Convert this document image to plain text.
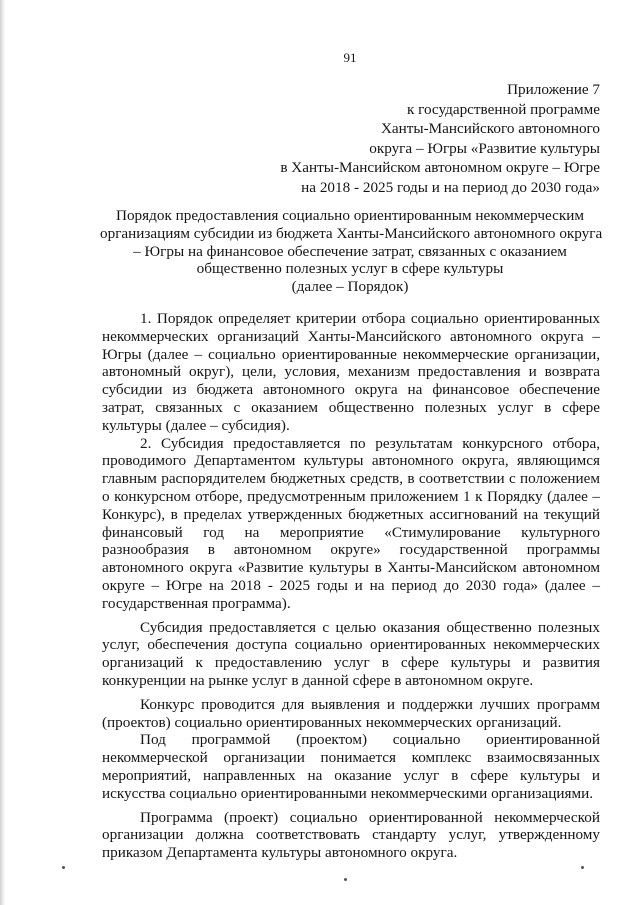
91
Приложение 7
к государственной программе
Ханты-Мансийского автономного
округа – Югры «Развитие культуры
в Ханты-Мансийском автономном округе – Югре
на 2018 - 2025 годы и на период до 2030 года»
Порядок предоставления социально ориентированным некоммерческим
организациям субсидии из бюджета Ханты-Мансийского автономного округа
– Югры на финансовое обеспечение затрат, связанных с оказанием
общественно полезных услуг в сфере культуры
(далее – Порядок)

1. Порядок определяет критерии отбора социально ориентированных некоммерческих организаций Ханты-Мансийского автономного округа – Югры (далее – социально ориентированные некоммерческие организации, автономный округ), цели, условия, механизм предоставления и возврата субсидии из бюджета автономного округа на финансовое обеспечение затрат, связанных с оказанием общественно полезных услуг в сфере культуры (далее – субсидия).

2. Субсидия предоставляется по результатам конкурсного отбора, проводимого Департаментом культуры автономного округа, являющимся главным распорядителем бюджетных средств, в соответствии с положением о конкурсном отборе, предусмотренным приложением 1 к Порядку (далее – Конкурс), в пределах утвержденных бюджетных ассигнований на текущий финансовый год на мероприятие «Стимулирование культурного разнообразия в автономном округе» государственной программы автономного округа «Развитие культуры в Ханты-Мансийском автономном округе – Югре на 2018 - 2025 годы и на период до 2030 года» (далее – государственная программа).

Субсидия предоставляется с целью оказания общественно полезных услуг, обеспечения доступа социально ориентированных некоммерческих организаций к предоставлению услуг в сфере культуры и развития конкуренции на рынке услуг в данной сфере в автономном округе.

Конкурс проводится для выявления и поддержки лучших программ (проектов) социально ориентированных некоммерческих организаций.

Под программой (проектом) социально ориентированной некоммерческой организации понимается комплекс взаимосвязанных мероприятий, направленных на оказание услуг в сфере культуры и искусства социально ориентированными некоммерческими организациями.

Программа (проект) социально ориентированной некоммерческой организации должна соответствовать стандарту услуг, утвержденному приказом Департамента культуры автономного округа.
